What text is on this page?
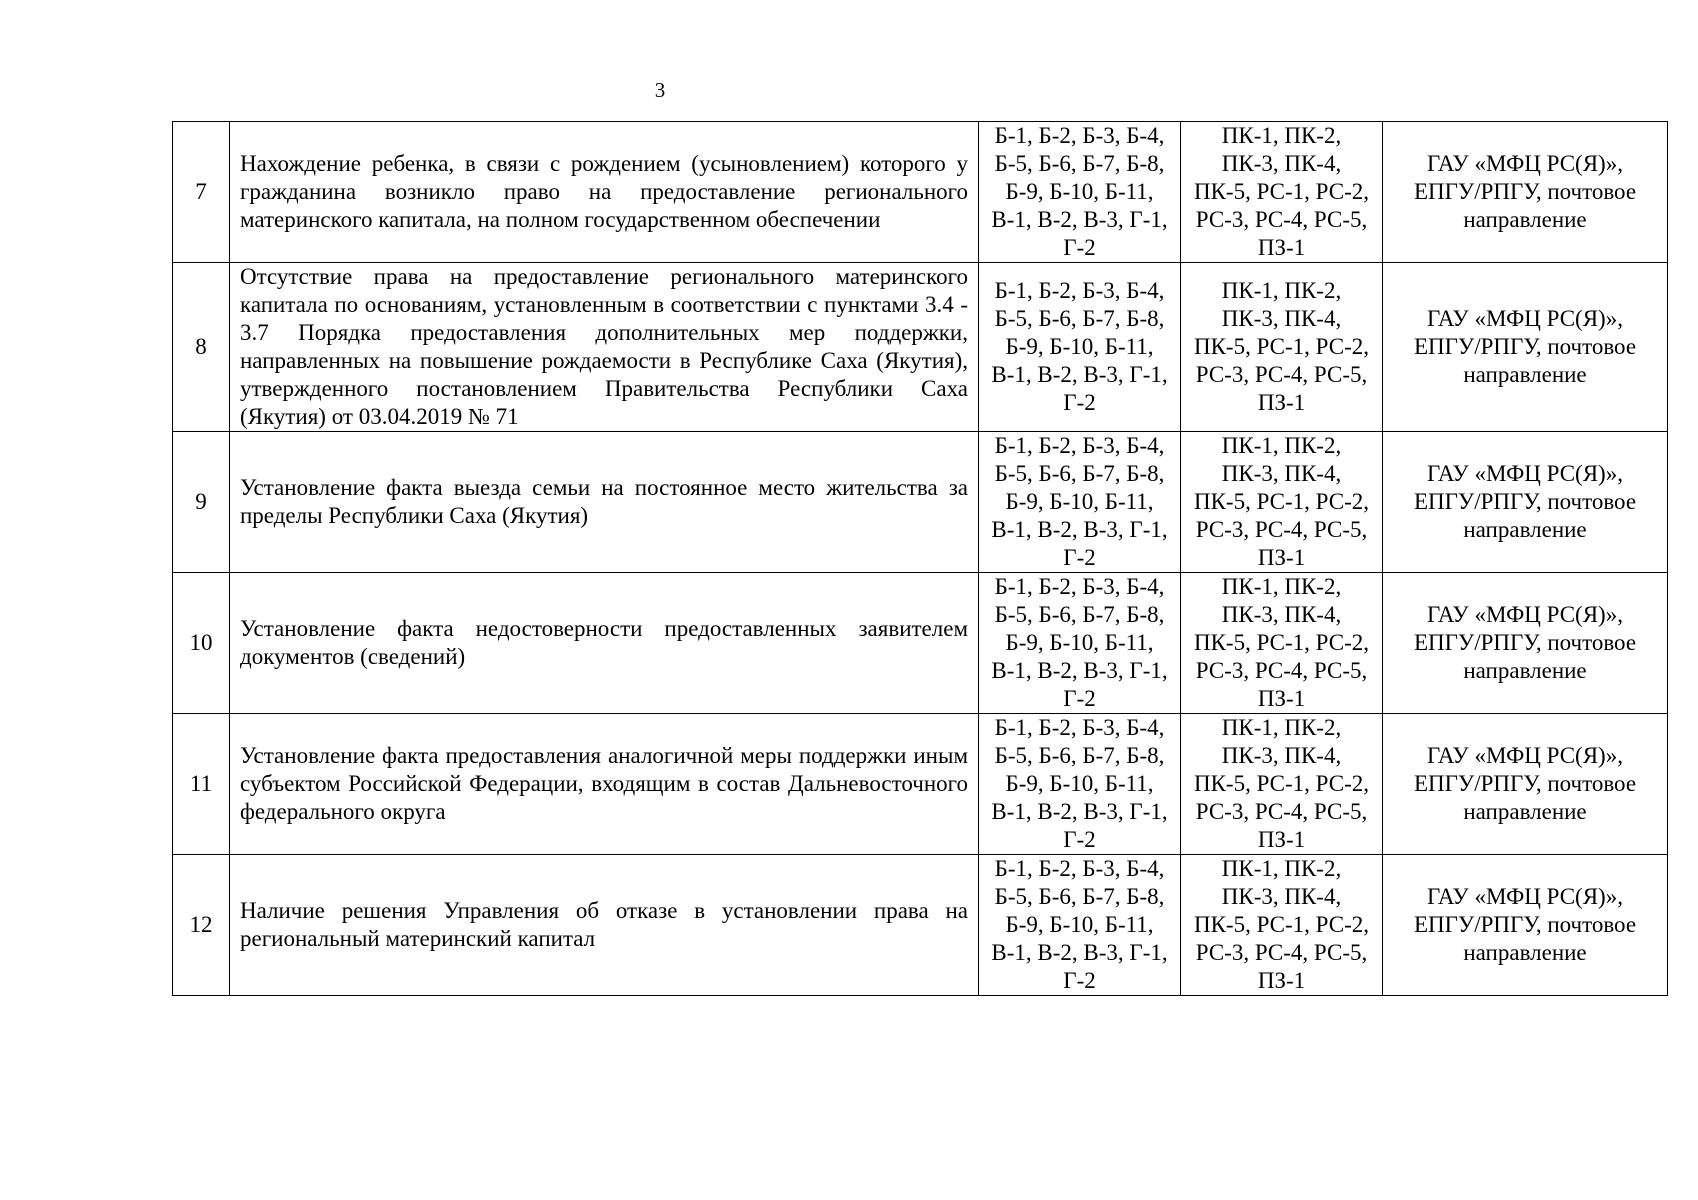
3
7	Нахождение ребенка, в связи с рождением (усыновлением) которого у гражданина возникло право на предоставление регионального материнского капитала, на полном государственном обеспечении	Б-1, Б-2, Б-3, Б-4, Б-5, Б-6, Б-7, Б-8, Б-9, Б-10, Б-11, В-1, В-2, В-3, Г-1, Г-2	ПК-1, ПК-2, ПК-3, ПК-4, ПК-5, РС-1, РС-2, РС-3, РС-4, РС-5, ПЗ-1	ГАУ «МФЦ РС(Я)», ЕПГУ/РПГУ, почтовое направление
8	Отсутствие права на предоставление регионального материнского капитала по основаниям, установленным в соответствии с пунктами 3.4 - 3.7 Порядка предоставления дополнительных мер поддержки, направленных на повышение рождаемости в Республике Саха (Якутия), утвержденного постановлением Правительства Республики Саха (Якутия) от 03.04.2019 № 71	Б-1, Б-2, Б-3, Б-4, Б-5, Б-6, Б-7, Б-8, Б-9, Б-10, Б-11, В-1, В-2, В-3, Г-1, Г-2	ПК-1, ПК-2, ПК-3, ПК-4, ПК-5, РС-1, РС-2, РС-3, РС-4, РС-5, ПЗ-1	ГАУ «МФЦ РС(Я)», ЕПГУ/РПГУ, почтовое направление
9	Установление факта выезда семьи на постоянное место жительства за пределы Республики Саха (Якутия)	Б-1, Б-2, Б-3, Б-4, Б-5, Б-6, Б-7, Б-8, Б-9, Б-10, Б-11, В-1, В-2, В-3, Г-1, Г-2	ПК-1, ПК-2, ПК-3, ПК-4, ПК-5, РС-1, РС-2, РС-3, РС-4, РС-5, ПЗ-1	ГАУ «МФЦ РС(Я)», ЕПГУ/РПГУ, почтовое направление
10	Установление факта недостоверности предоставленных заявителем документов (сведений)	Б-1, Б-2, Б-3, Б-4, Б-5, Б-6, Б-7, Б-8, Б-9, Б-10, Б-11, В-1, В-2, В-3, Г-1, Г-2	ПК-1, ПК-2, ПК-3, ПК-4, ПК-5, РС-1, РС-2, РС-3, РС-4, РС-5, ПЗ-1	ГАУ «МФЦ РС(Я)», ЕПГУ/РПГУ, почтовое направление
11	Установление факта предоставления аналогичной меры поддержки иным субъектом Российской Федерации, входящим в состав Дальневосточного федерального округа	Б-1, Б-2, Б-3, Б-4, Б-5, Б-6, Б-7, Б-8, Б-9, Б-10, Б-11, В-1, В-2, В-3, Г-1, Г-2	ПК-1, ПК-2, ПК-3, ПК-4, ПК-5, РС-1, РС-2, РС-3, РС-4, РС-5, ПЗ-1	ГАУ «МФЦ РС(Я)», ЕПГУ/РПГУ, почтовое направление
12	Наличие решения Управления об отказе в установлении права на региональный материнский капитал	Б-1, Б-2, Б-3, Б-4, Б-5, Б-6, Б-7, Б-8, Б-9, Б-10, Б-11, В-1, В-2, В-3, Г-1, Г-2	ПК-1, ПК-2, ПК-3, ПК-4, ПК-5, РС-1, РС-2, РС-3, РС-4, РС-5, ПЗ-1	ГАУ «МФЦ РС(Я)», ЕПГУ/РПГУ, почтовое направление
